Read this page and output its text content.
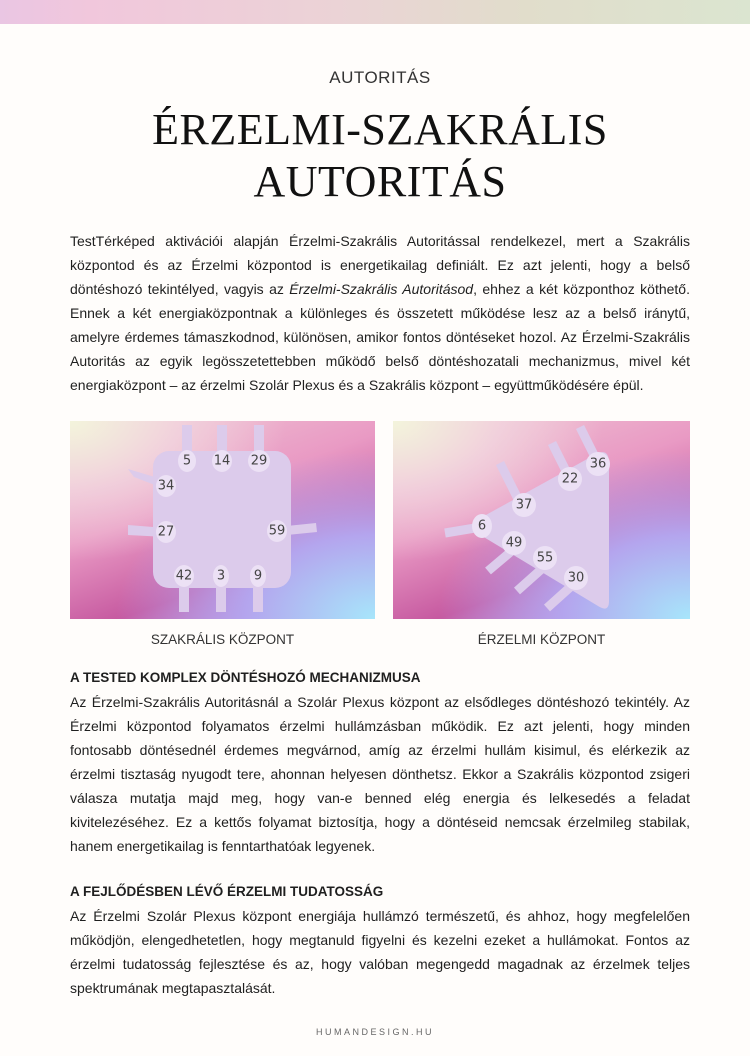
AUTORITÁS
ÉRZELMI-SZAKRÁLIS AUTORITÁS

TestTérképed aktivációi alapján Érzelmi-Szakrális Autoritással rendelkezel, mert a Szakrális központod és az Érzelmi központod is energetikailag definiált. Ez azt jelenti, hogy a belső döntéshozó tekintélyed, vagyis az Érzelmi-Szakrális Autoritásod, ehhez a két központhoz köthető. Ennek a két energiaközpontnak a különleges és összetett működése lesz az a belső iránytű, amelyre érdemes támaszkodnod, különösen, amikor fontos döntéseket hozol. Az Érzelmi-Szakrális Autoritás az egyik legösszetettebben működő belső döntéshozatali mechanizmus, mivel két energiaközpont – az érzelmi Szolár Plexus és a Szakrális központ – együttműködésére épül.

5 14 29
34
27	59
42 3 9
36
22
37
6
49
55
30
SZAKRÁLIS KÖZPONT	ÉRZELMI KÖZPONT
A TESTED KOMPLEX DÖNTÉSHOZÓ MECHANIZMUSA

Az Érzelmi-Szakrális Autoritásnál a Szolár Plexus központ az elsődleges döntéshozó tekintély. Az Érzelmi központod folyamatos érzelmi hullámzásban működik. Ez azt jelenti, hogy minden fontosabb döntésednél érdemes megvárnod, amíg az érzelmi hullám kisimul, és elérkezik az érzelmi tisztaság nyugodt tere, ahonnan helyesen dönthetsz. Ekkor a Szakrális központod zsigeri válasza mutatja majd meg, hogy van-e benned elég energia és lelkesedés a feladat kivitelezéséhez. Ez a kettős folyamat biztosítja, hogy a döntéseid nemcsak érzelmileg stabilak, hanem energetikailag is fenntarthatóak legyenek.

A FEJLŐDÉSBEN LÉVŐ ÉRZELMI TUDATOSSÁG

Az Érzelmi Szolár Plexus központ energiája hullámzó természetű, és ahhoz, hogy megfelelően működjön, elengedhetetlen, hogy megtanuld figyelni és kezelni ezeket a hullámokat. Fontos az érzelmi tudatosság fejlesztése és az, hogy valóban megengedd magadnak az érzelmek teljes spektrumának megtapasztalását.

HUMANDESIGN.HU
